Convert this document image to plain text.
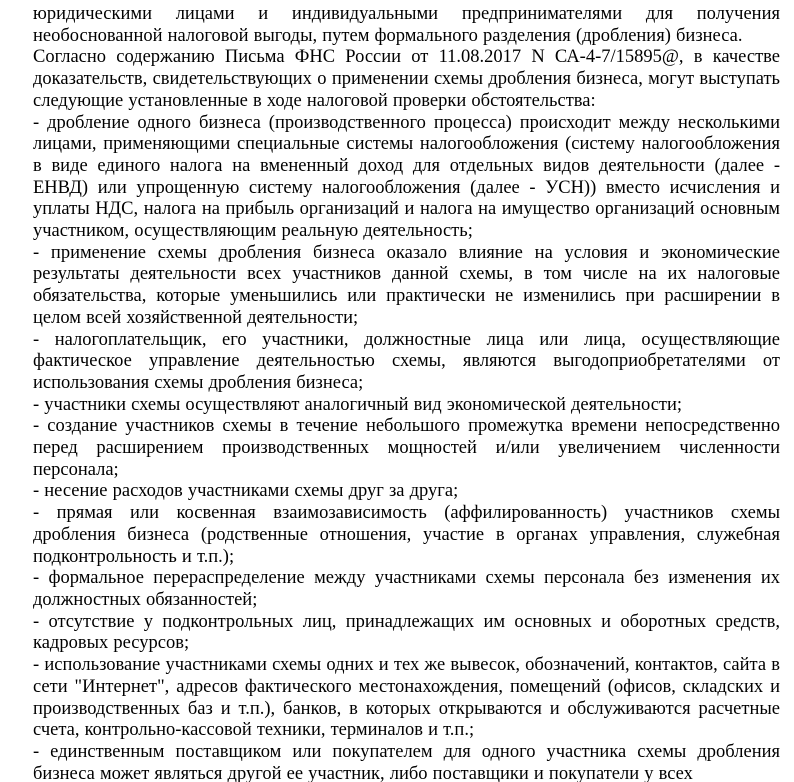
юридическими лицами и индивидуальными предпринимателями для получения необоснованной налоговой выгоды, путем формального разделения (дробления) бизнеса.

Согласно содержанию Письма ФНС России от 11.08.2017 N СА-4-7/15895@, в качестве доказательств, свидетельствующих о применении схемы дробления бизнеса, могут выступать следующие установленные в ходе налоговой проверки обстоятельства:

- дробление одного бизнеса (производственного процесса) происходит между несколькими лицами, применяющими специальные системы налогообложения (систему налогообложения в виде единого налога на вмененный доход для отдельных видов деятельности (далее - ЕНВД) или упрощенную систему налогообложения (далее - УСН)) вместо исчисления и уплаты НДС, налога на прибыль организаций и налога на имущество организаций основным участником, осуществляющим реальную деятельность;

- применение схемы дробления бизнеса оказало влияние на условия и экономические результаты деятельности всех участников данной схемы, в том числе на их налоговые обязательства, которые уменьшились или практически не изменились при расширении в целом всей хозяйственной деятельности;

- налогоплательщик, его участники, должностные лица или лица, осуществляющие фактическое управление деятельностью схемы, являются выгодоприобретателями от использования схемы дробления бизнеса;

- участники схемы осуществляют аналогичный вид экономической деятельности;

- создание участников схемы в течение небольшого промежутка времени непосредственно перед расширением производственных мощностей и/или увеличением численности персонала;

- несение расходов участниками схемы друг за друга;

- прямая или косвенная взаимозависимость (аффилированность) участников схемы дробления бизнеса (родственные отношения, участие в органах управления, служебная подконтрольность и т.п.);

- формальное перераспределение между участниками схемы персонала без изменения их должностных обязанностей;

- отсутствие у подконтрольных лиц, принадлежащих им основных и оборотных средств, кадровых ресурсов;

- использование участниками схемы одних и тех же вывесок, обозначений, контактов, сайта в сети "Интернет", адресов фактического местонахождения, помещений (офисов, складских и производственных баз и т.п.), банков, в которых открываются и обслуживаются расчетные счета, контрольно-кассовой техники, терминалов и т.п.;

- единственным поставщиком или покупателем для одного участника схемы дробления бизнеса может являться другой ее участник, либо поставщики и покупатели у всех
